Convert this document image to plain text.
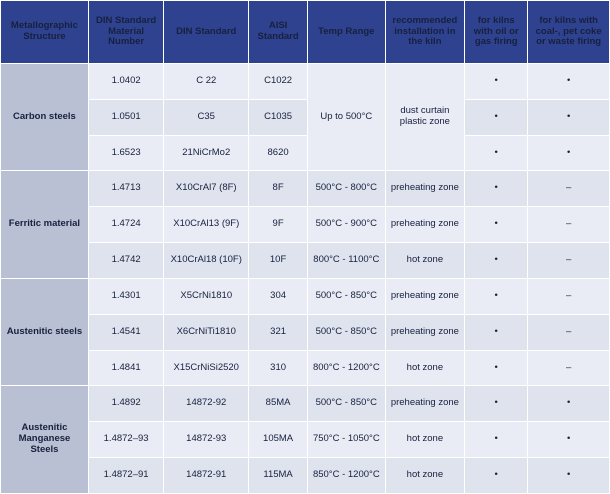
Metallographic Structure	DIN Standard Material Number	DIN Standard	AISI Standard	Temp Range	recommended installation in the kiln	for kilns with oil or gas firing	for kilns with coal-, pet coke or waste firing
Carbon steels	1.0402	C 22	C1022	Up to 500°C	dust curtain plastic zone	•	•
	1.0501	C35	C1035			•	•
	1.6523	21NiCrMo2	8620			•	•
Ferritic material	1.4713	X10CrAl7 (8F)	8F	500°C - 800°C	preheating zone	•	–
	1.4724	X10CrAl13 (9F)	9F	500°C - 900°C	preheating zone	•	–
	1.4742	X10CrAl18 (10F)	10F	800°C - 1100°C	hot zone	•	–
Austenitic steels	1.4301	X5CrNi1810	304	500°C - 850°C	preheating zone	•	–
	1.4541	X6CrNiTi1810	321	500°C - 850°C	preheating zone	•	–
	1.4841	X15CrNiSi2520	310	800°C - 1200°C	hot zone	•	–
Austenitic Manganese Steels	1.4892	14872-92	85MA	500°C - 850°C	preheating zone	•	•
	1.4872–93	14872-93	105MA	750°C - 1050°C	hot zone	•	•
	1.4872–91	14872-91	115MA	850°C - 1200°C	hot zone	•	•
